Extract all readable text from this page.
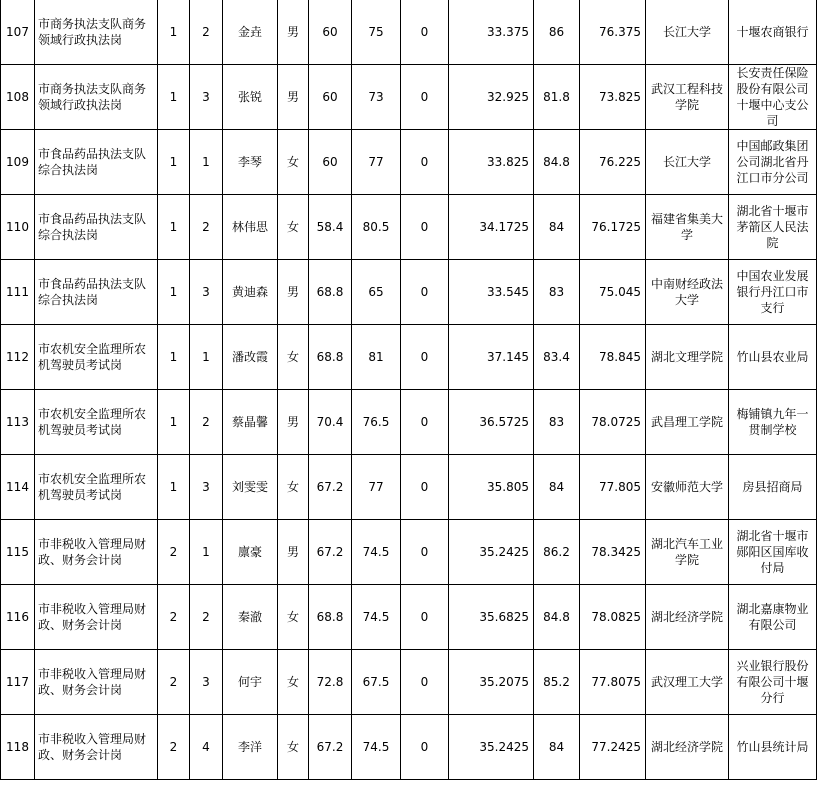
107	市商务执法支队商务领域行政执法岗	1	2	金垚	男	60	75	0	33.375	86	76.375	长江大学	十堰农商银行
108	市商务执法支队商务领域行政执法岗	1	3	张锐	男	60	73	0	32.925	81.8	73.825	武汉工程科技学院	长安责任保险股份有限公司十堰中心支公司
109	市食品药品执法支队综合执法岗	1	1	李琴	女	60	77	0	33.825	84.8	76.225	长江大学	中国邮政集团公司湖北省丹江口市分公司
110	市食品药品执法支队综合执法岗	1	2	林伟思	女	58.4	80.5	0	34.1725	84	76.1725	福建省集美大学	湖北省十堰市茅箭区人民法院
111	市食品药品执法支队综合执法岗	1	3	黄迪森	男	68.8	65	0	33.545	83	75.045	中南财经政法大学	中国农业发展银行丹江口市支行
112	市农机安全监理所农机驾驶员考试岗	1	1	潘改霞	女	68.8	81	0	37.145	83.4	78.845	湖北文理学院	竹山县农业局
113	市农机安全监理所农机驾驶员考试岗	1	2	蔡晶馨	男	70.4	76.5	0	36.5725	83	78.0725	武昌理工学院	梅铺镇九年一贯制学校
114	市农机安全监理所农机驾驶员考试岗	1	3	刘雯雯	女	67.2	77	0	35.805	84	77.805	安徽师范大学	房县招商局
115	市非税收入管理局财政、财务会计岗	2	1	廪豪	男	67.2	74.5	0	35.2425	86.2	78.3425	湖北汽车工业学院	湖北省十堰市郧阳区国库收付局
116	市非税收入管理局财政、财务会计岗	2	2	秦澈	女	68.8	74.5	0	35.6825	84.8	78.0825	湖北经济学院	湖北嘉康物业有限公司
117	市非税收入管理局财政、财务会计岗	2	3	何宇	女	72.8	67.5	0	35.2075	85.2	77.8075	武汉理工大学	兴业银行股份有限公司十堰分行
118	市非税收入管理局财政、财务会计岗	2	4	李洋	女	67.2	74.5	0	35.2425	84	77.2425	湖北经济学院	竹山县统计局
